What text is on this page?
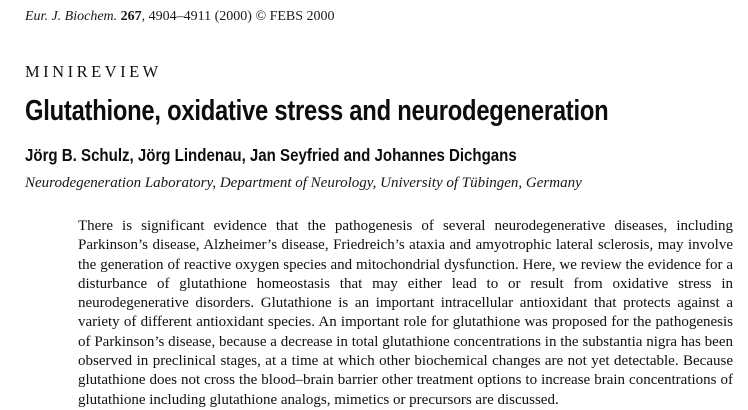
Eur. J. Biochem. 267, 4904–4911 (2000) © FEBS 2000
MINIREVIEW
Glutathione, oxidative stress and neurodegeneration
Jörg B. Schulz, Jörg Lindenau, Jan Seyfried and Johannes Dichgans
Neurodegeneration Laboratory, Department of Neurology, University of Tübingen, Germany

There is significant evidence that the pathogenesis of several neurodegenerative diseases, including Parkinson’s disease, Alzheimer’s disease, Friedreich’s ataxia and amyotrophic lateral sclerosis, may involve the generation of reactive oxygen species and mitochondrial dysfunction. Here, we review the evidence for a disturbance of glutathione homeostasis that may either lead to or result from oxidative stress in neurodegenerative disorders. Glutathione is an important intracellular antioxidant that protects against a variety of different antioxidant species. An important role for glutathione was proposed for the pathogenesis of Parkinson’s disease, because a decrease in total glutathione concentrations in the substantia nigra has been observed in preclinical stages, at a time at which other biochemical changes are not yet detectable. Because glutathione does not cross the blood–brain barrier other treatment options to increase brain concentrations of glutathione including glutathione analogs, mimetics or precursors are discussed.
